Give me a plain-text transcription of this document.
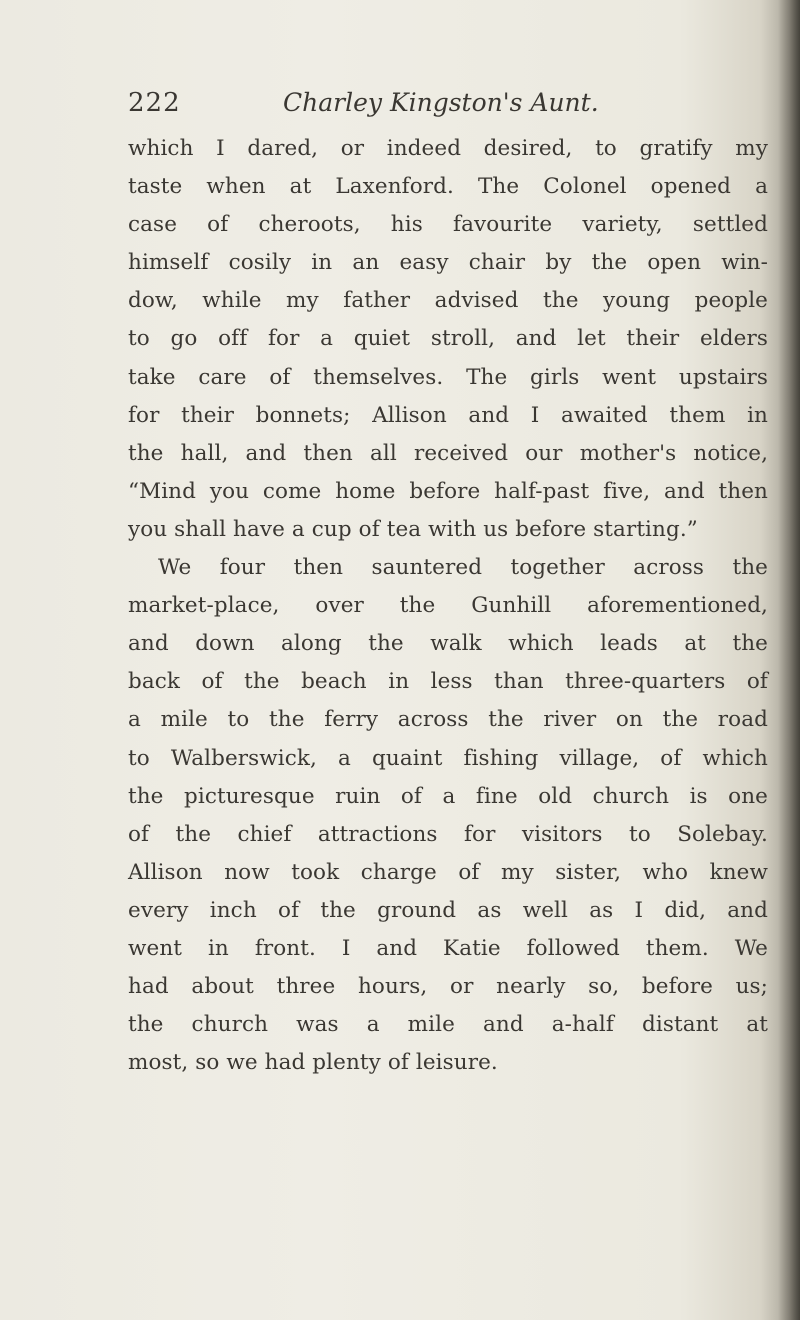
222	Charley Kingston's Aunt.
which I dared, or indeed desired, to gratify my
taste when at Laxenford. The Colonel opened a
case of cheroots, his favourite variety, settled
himself cosily in an easy chair by the open win-
dow, while my father advised the young people
to go off for a quiet stroll, and let their elders
take care of themselves. The girls went upstairs
for their bonnets; Allison and I awaited them in
the hall, and then all received our mother's notice,
“Mind you come home before half-past five, and then
you shall have a cup of tea with us before starting.”
We four then sauntered together across the
market-place, over the Gunhill aforementioned,
and down along the walk which leads at the
back of the beach in less than three-quarters of
a mile to the ferry across the river on the road
to Walberswick, a quaint fishing village, of which
the picturesque ruin of a fine old church is one
of the chief attractions for visitors to Solebay.
Allison now took charge of my sister, who knew
every inch of the ground as well as I did, and
went in front. I and Katie followed them. We
had about three hours, or nearly so, before us;
the church was a mile and a-half distant at
most, so we had plenty of leisure.
